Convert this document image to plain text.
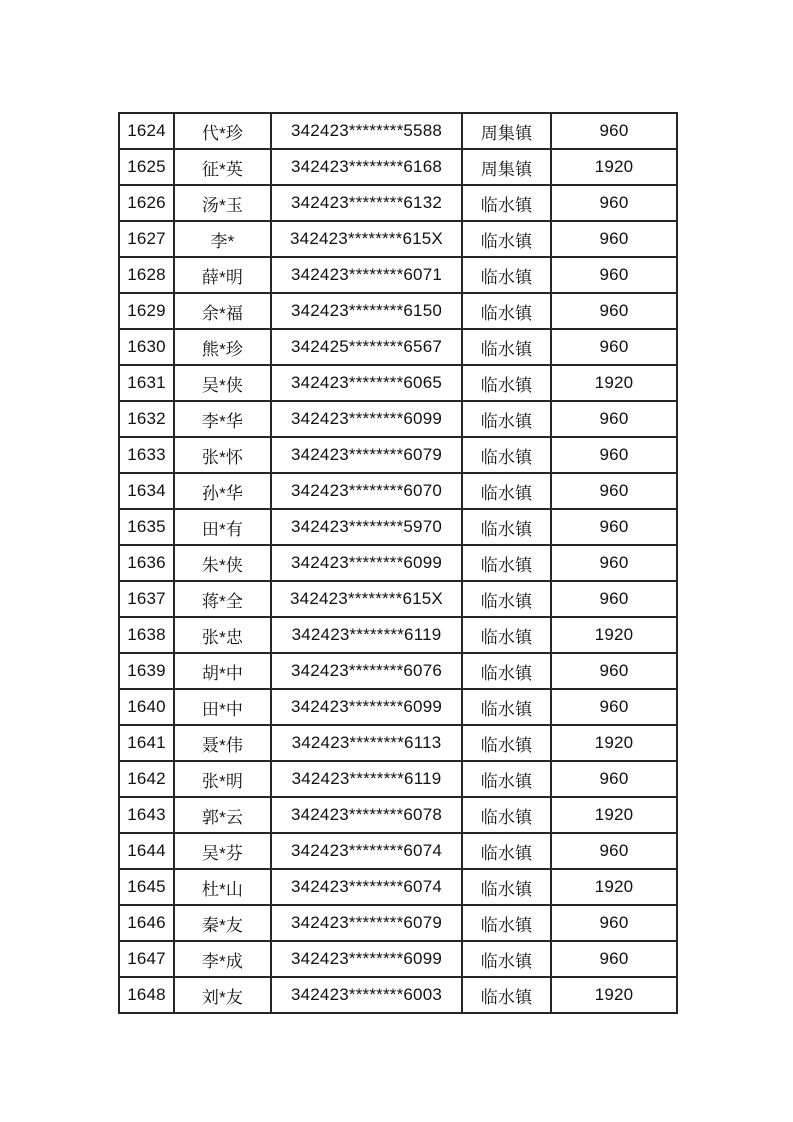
1624	代*珍	342423********5588	周集镇	960
1625	征*英	342423********6168	周集镇	1920
1626	汤*玉	342423********6132	临水镇	960
1627	李*	342423********615X	临水镇	960
1628	薛*明	342423********6071	临水镇	960
1629	余*福	342423********6150	临水镇	960
1630	熊*珍	342425********6567	临水镇	960
1631	吴*侠	342423********6065	临水镇	1920
1632	李*华	342423********6099	临水镇	960
1633	张*怀	342423********6079	临水镇	960
1634	孙*华	342423********6070	临水镇	960
1635	田*有	342423********5970	临水镇	960
1636	朱*侠	342423********6099	临水镇	960
1637	蒋*全	342423********615X	临水镇	960
1638	张*忠	342423********6119	临水镇	1920
1639	胡*中	342423********6076	临水镇	960
1640	田*中	342423********6099	临水镇	960
1641	聂*伟	342423********6113	临水镇	1920
1642	张*明	342423********6119	临水镇	960
1643	郭*云	342423********6078	临水镇	1920
1644	吴*芬	342423********6074	临水镇	960
1645	杜*山	342423********6074	临水镇	1920
1646	秦*友	342423********6079	临水镇	960
1647	李*成	342423********6099	临水镇	960
1648	刘*友	342423********6003	临水镇	1920
